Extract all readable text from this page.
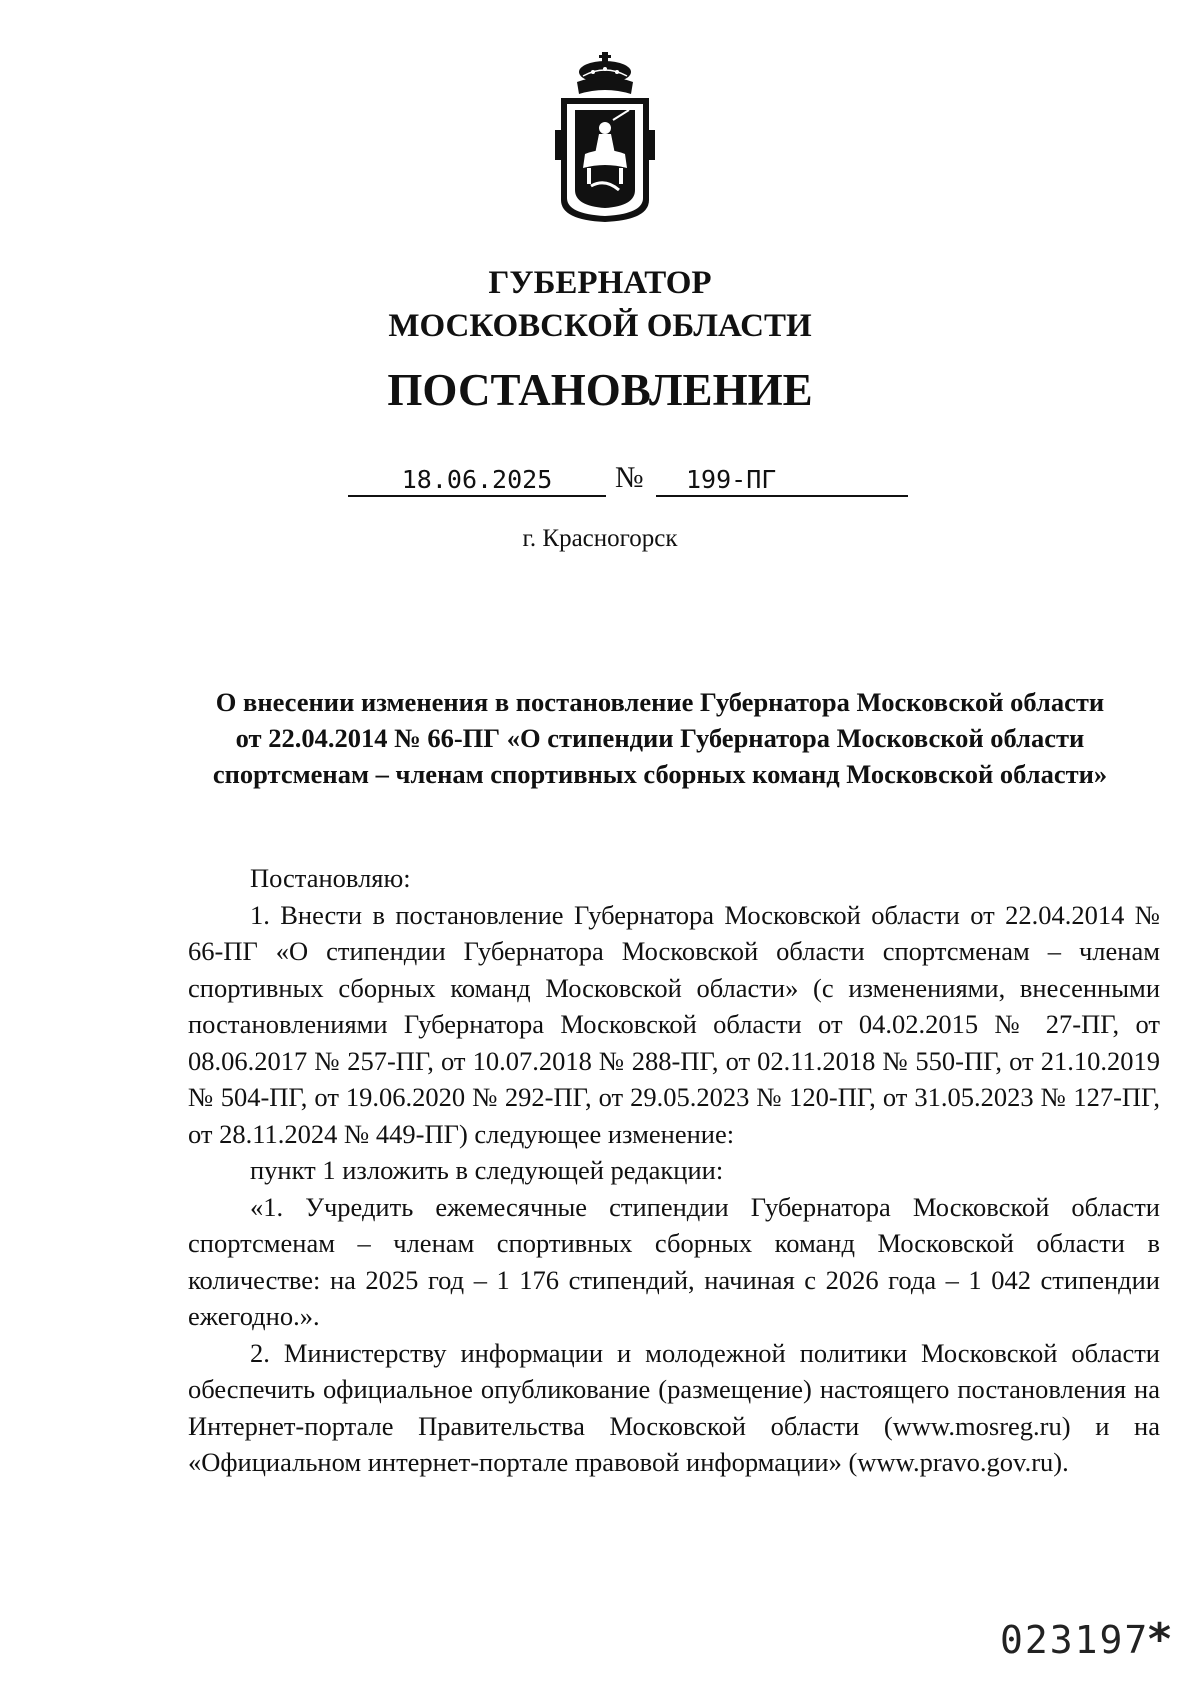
ГУБЕРНАТОР
МОСКОВСКОЙ ОБЛАСТИ
ПОСТАНОВЛЕНИЕ
18.06.2025	№	199-ПГ
г. Красногорск
О внесении изменения в постановление Губернатора Московской области
от 22.04.2014 № 66-ПГ «О стипендии Губернатора Московской области
спортсменам – членам спортивных сборных команд Московской области»

Постановляю:

1. Внести в постановление Губернатора Московской области от 22.04.2014 № 66-ПГ «О стипендии Губернатора Московской области спортсменам – членам спортивных сборных команд Московской области» (с изменениями, внесенными постановлениями Губернатора Московской области от 04.02.2015 № 27-ПГ, от 08.06.2017 № 257-ПГ, от 10.07.2018 № 288-ПГ, от 02.11.2018 № 550-ПГ, от 21.10.2019 № 504-ПГ, от 19.06.2020 № 292-ПГ, от 29.05.2023 № 120-ПГ, от 31.05.2023 № 127-ПГ, от 28.11.2024 № 449-ПГ) следующее изменение:

пункт 1 изложить в следующей редакции:

«1. Учредить ежемесячные стипендии Губернатора Московской области спортсменам – членам спортивных сборных команд Московской области в количестве: на 2025 год – 1 176 стипендий, начиная с 2026 года – 1 042 стипендии ежегодно.».

2. Министерству информации и молодежной политики Московской области обеспечить официальное опубликование (размещение) настоящего постановления на Интернет-портале Правительства Московской области (www.mosreg.ru) и на «Официальном интернет-портале правовой информации» (www.pravo.gov.ru).

023197
*
